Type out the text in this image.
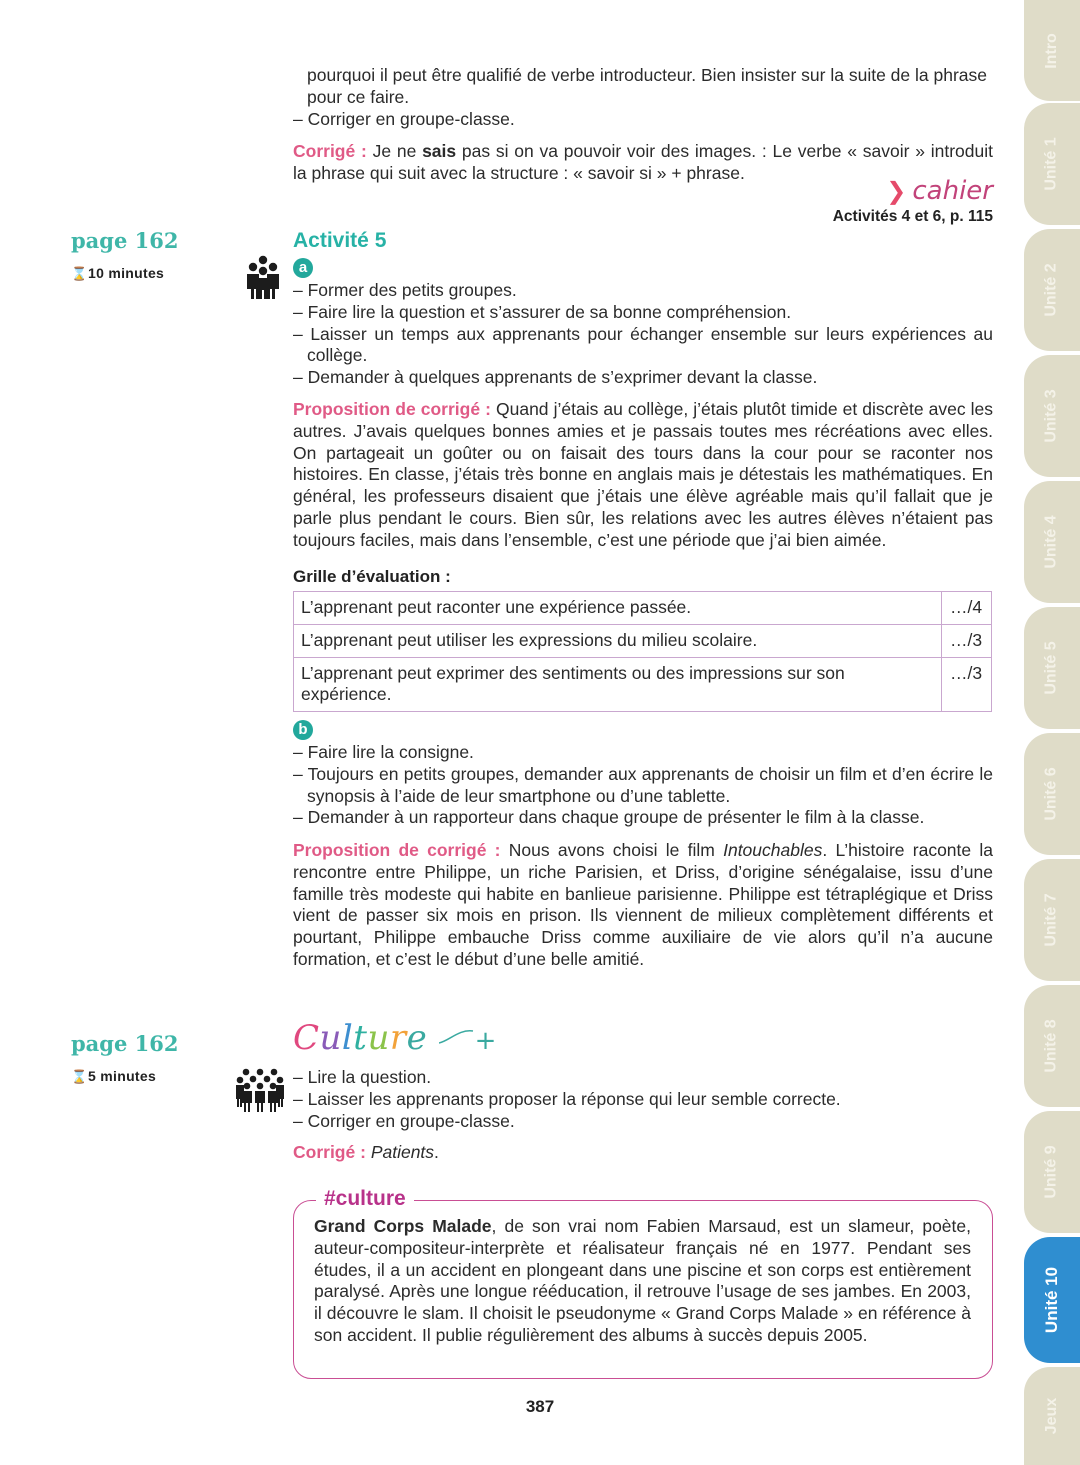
pourquoi il peut être qualifié de verbe introducteur. Bien insister sur la suite de la phrase pour ce faire.
– Corriger en groupe-classe.
Corrigé : Je ne sais pas si on va pouvoir voir des images. : Le verbe « savoir » introduit la phrase qui suit avec la structure : « savoir si » + phrase.
❯ cahier
Activités 4 et 6, p. 115
page 162
⌛10 minutes
Activité 5
a
– Former des petits groupes.
– Faire lire la question et s’assurer de sa bonne compréhension.
– Laisser un temps aux apprenants pour échanger ensemble sur leurs expériences au collège.
– Demander à quelques apprenants de s’exprimer devant la classe.
Proposition de corrigé : Quand j’étais au collège, j’étais plutôt timide et discrète avec les autres. J’avais quelques bonnes amies et je passais toutes mes récréations avec elles. On partageait un goûter ou on faisait des tours dans la cour pour se raconter nos histoires. En classe, j’étais très bonne en anglais mais je détestais les mathématiques. En général, les professeurs disaient que j’étais une élève agréable mais qu’il fallait que je parle plus pendant le cours. Bien sûr, les relations avec les autres élèves n’étaient pas toujours faciles, mais dans l’ensemble, c’est une période que j’ai bien aimée.
Grille d’évaluation :
L’apprenant peut raconter une expérience passée.	…/4
L’apprenant peut utiliser les expressions du milieu scolaire.	…/3
L’apprenant peut exprimer des sentiments ou des impressions sur son expérience.	…/3
b
– Faire lire la consigne.
– Toujours en petits groupes, demander aux apprenants de choisir un film et d’en écrire le synopsis à l’aide de leur smartphone ou d’une tablette.
– Demander à un rapporteur dans chaque groupe de présenter le film à la classe.
Proposition de corrigé : Nous avons choisi le film Intouchables. L’histoire raconte la rencontre entre Philippe, un riche Parisien, et Driss, d’origine sénégalaise, issu d’une famille très modeste qui habite en banlieue parisienne. Philippe est tétraplégique et Driss vient de passer six mois en prison. Ils viennent de milieux complètement différents et pourtant, Philippe embauche Driss comme auxiliaire de vie alors qu’il n’a aucune formation, et c’est le début d’une belle amitié.
page 162
⌛5 minutes
Culture +
– Lire la question.
– Laisser les apprenants proposer la réponse qui leur semble correcte.
– Corriger en groupe-classe.
Corrigé : Patients.
#culture
Grand Corps Malade, de son vrai nom Fabien Marsaud, est un slameur, poète, auteur-compositeur-interprète et réalisateur français né en 1977. Pendant ses études, il a un accident en plongeant dans une piscine et son corps est entièrement paralysé. Après une longue rééducation, il retrouve l’usage de ses jambes. En 2003, il découvre le slam. Il choisit le pseudonyme « Grand Corps Malade » en référence à son accident. Il publie régulièrement des albums à succès depuis 2005.
387
Intro
Unité 1
Unité 2
Unité 3
Unité 4
Unité 5
Unité 6
Unité 7
Unité 8
Unité 9
Unité 10
Jeux
